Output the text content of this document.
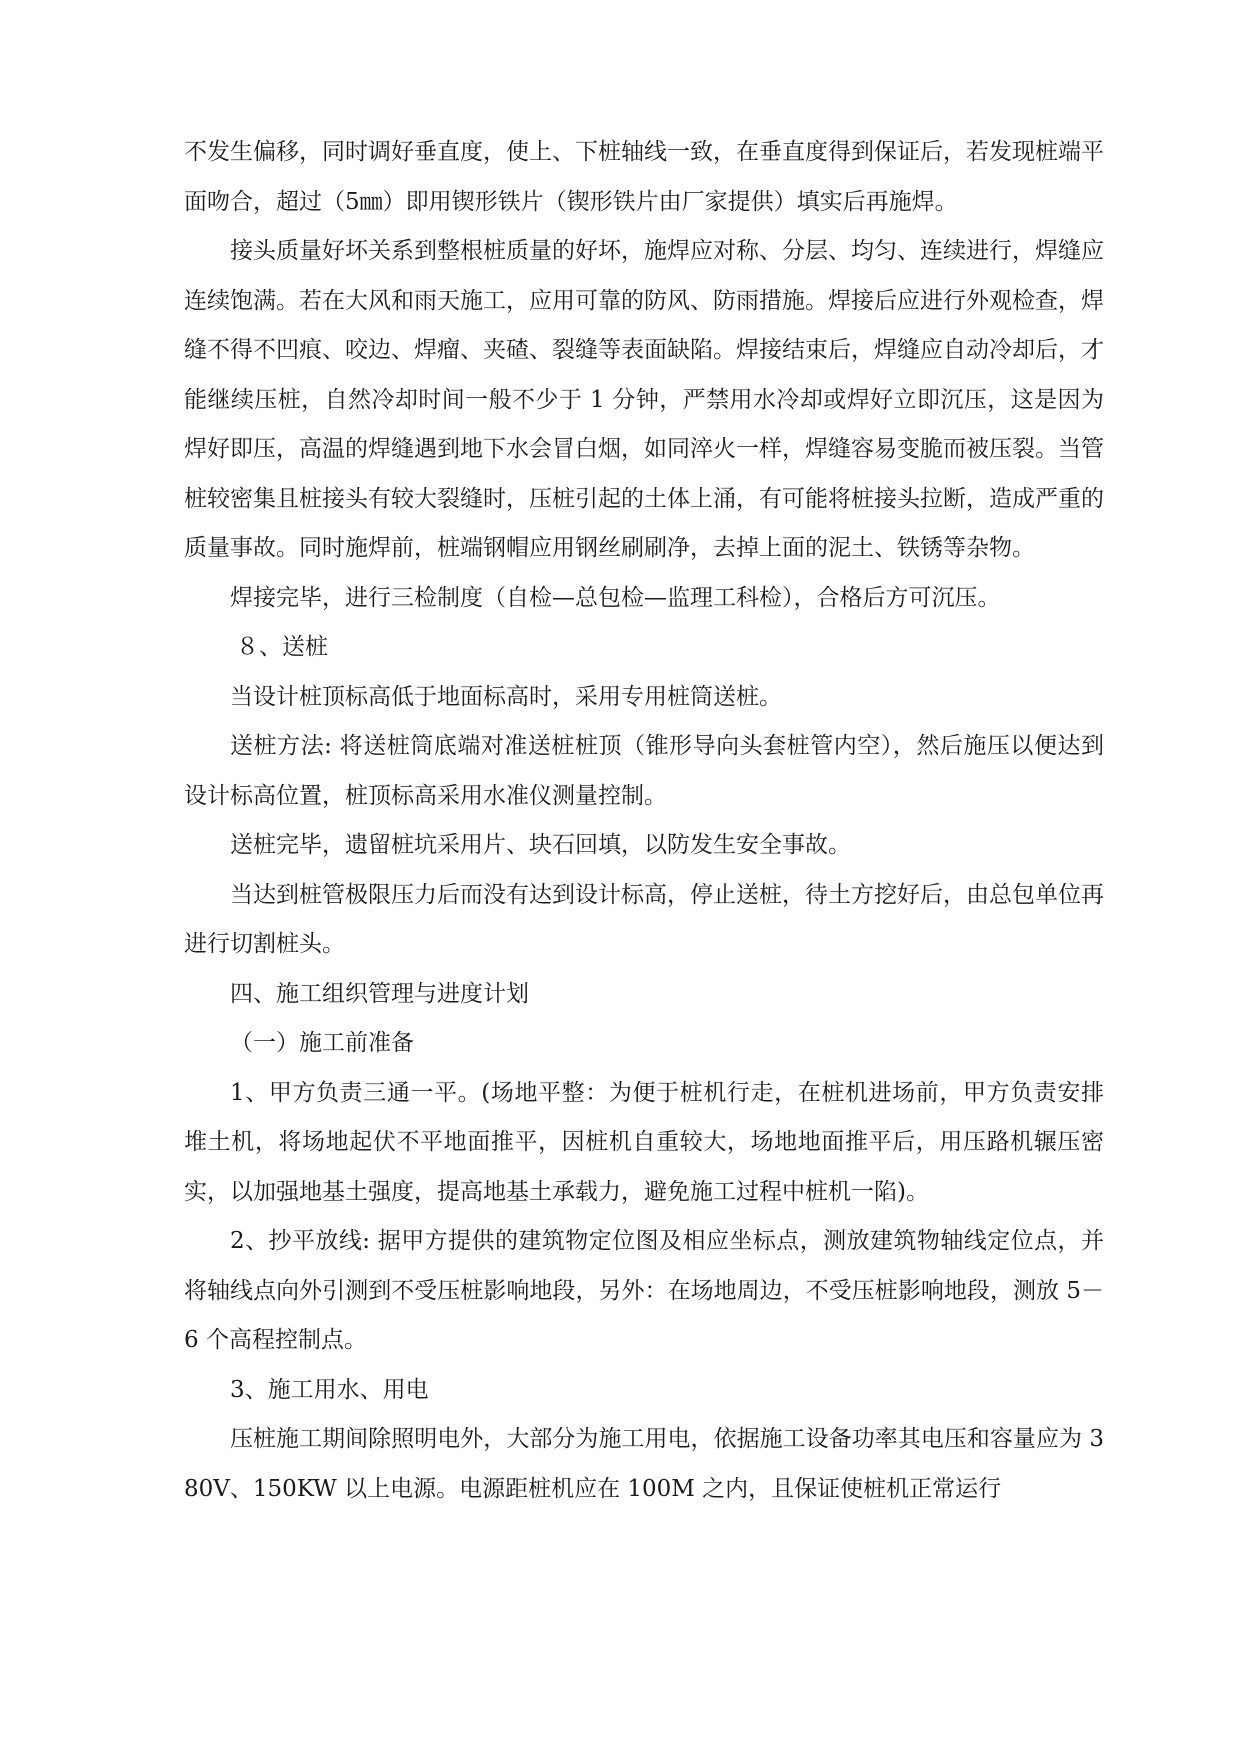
不发生偏移，同时调好垂直度，使上、下桩轴线一致，在垂直度得到保证后，若发现桩端平面吻合，超过（5㎜）即用锲形铁片（锲形铁片由厂家提供）填实后再施焊。

接头质量好坏关系到整根桩质量的好坏，施焊应对称、分层、均匀、连续进行，焊缝应连续饱满。若在大风和雨天施工，应用可靠的防风、防雨措施。焊接后应进行外观检查，焊缝不得不凹痕、咬边、焊瘤、夹碴、裂缝等表面缺陷。焊接结束后，焊缝应自动冷却后，才能继续压桩，自然冷却时间一般不少于 1 分钟，严禁用水冷却或焊好立即沉压，这是因为焊好即压，高温的焊缝遇到地下水会冒白烟，如同淬火一样，焊缝容易变脆而被压裂。当管桩较密集且桩接头有较大裂缝时，压桩引起的土体上涌，有可能将桩接头拉断，造成严重的质量事故。同时施焊前，桩端钢帽应用钢丝刷刷净，去掉上面的泥土、铁锈等杂物。

焊接完毕，进行三检制度（自检—总包检—监理工科检），合格后方可沉压。

８、送桩

当设计桩顶标高低于地面标高时，采用专用桩筒送桩。

送桩方法: 将送桩筒底端对准送桩桩顶（锥形导向头套桩管内空），然后施压以便达到设计标高位置，桩顶标高采用水准仪测量控制。

送桩完毕，遗留桩坑采用片、块石回填，以防发生安全事故。

当达到桩管极限压力后而没有达到设计标高，停止送桩，待土方挖好后，由总包单位再进行切割桩头。

四、施工组织管理与进度计划

（一）施工前准备

1、甲方负责三通一平。(场地平整：为便于桩机行走，在桩机进场前，甲方负责安排堆土机，将场地起伏不平地面推平，因桩机自重较大，场地地面推平后，用压路机辗压密实，以加强地基土强度，提高地基土承载力，避免施工过程中桩机一陷)。

2、抄平放线: 据甲方提供的建筑物定位图及相应坐标点，测放建筑物轴线定位点，并将轴线点向外引测到不受压桩影响地段，另外：在场地周边，不受压桩影响地段，测放 5－6 个高程控制点。

3、施工用水、用电

压桩施工期间除照明电外，大部分为施工用电，依据施工设备功率其电压和容量应为 380V、150KW 以上电源。电源距桩机应在 100M 之内，且保证使桩机正常运行
